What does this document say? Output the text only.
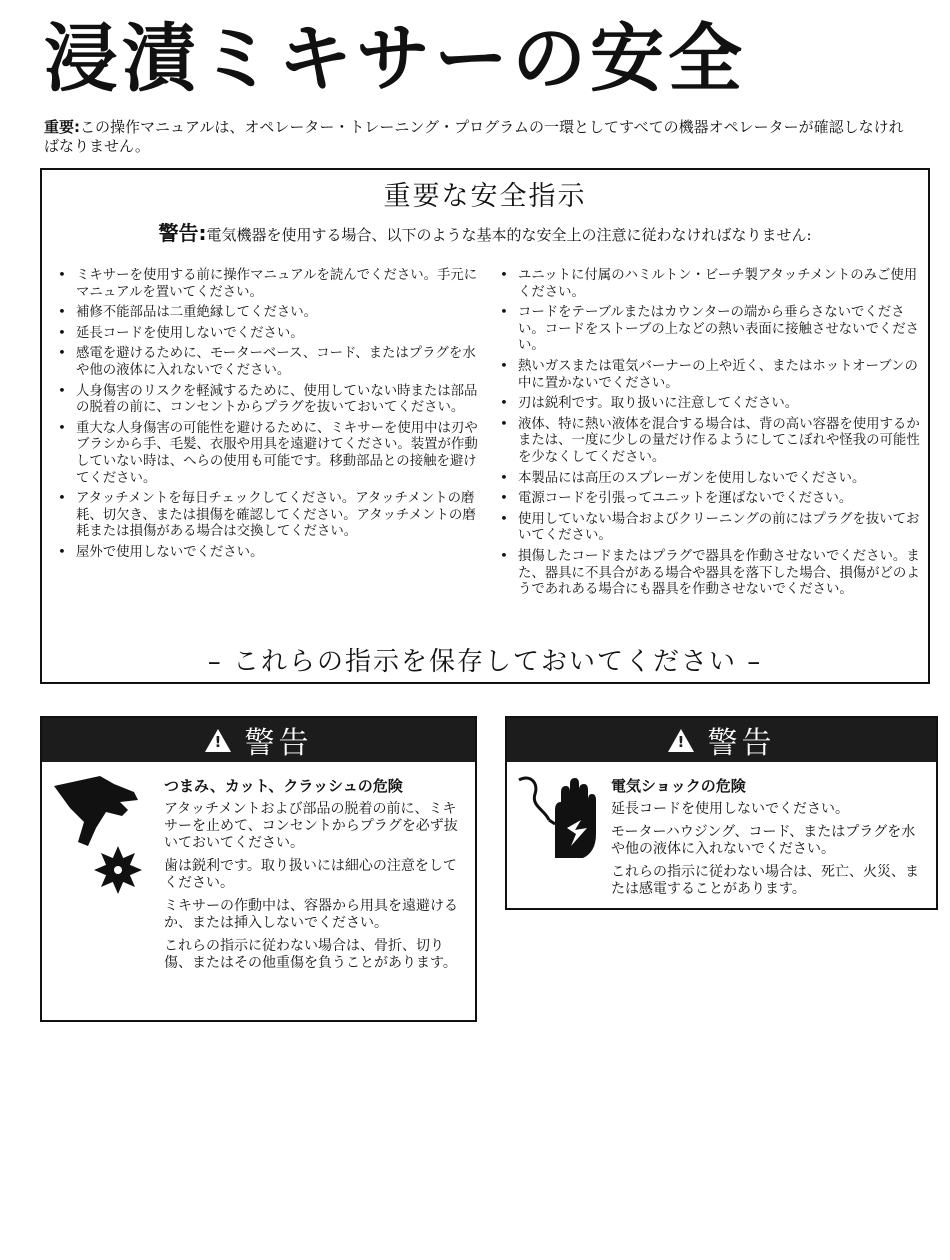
浸漬ミキサーの安全
重要:この操作マニュアルは、オペレーター・トレーニング・プログラムの一環としてすべての機器オペレーターが確認しなければなりません。
重要な安全指示
警告:電気機器を使用する場合、以下のような基本的な安全上の注意に従わなければなりません:
• ミキサーを使用する前に操作マニュアルを読んでください。手元にマニュアルを置いてください。
• 補修不能部品は二重絶縁してください。
• 延長コードを使用しないでください。
• 感電を避けるために、モーターベース、コード、またはプラグを水や他の液体に入れないでください。
• 人身傷害のリスクを軽減するために、使用していない時または部品の脱着の前に、コンセントからプラグを抜いておいてください。
• 重大な人身傷害の可能性を避けるために、ミキサーを使用中は刃やブラシから手、毛髪、衣服や用具を遠避けてください。装置が作動していない時は、へらの使用も可能です。移動部品との接触を避けてください。
• アタッチメントを毎日チェックしてください。アタッチメントの磨耗、切欠き、または損傷を確認してください。アタッチメントの磨耗または損傷がある場合は交換してください。
• 屋外で使用しないでください。
• ユニットに付属のハミルトン・ビーチ製アタッチメントのみご使用ください。
• コードをテーブルまたはカウンターの端から垂らさないでください。コードをストーブの上などの熱い表面に接触させないでください。
• 熱いガスまたは電気バーナーの上や近く、またはホットオーブンの中に置かないでください。
• 刃は鋭利です。取り扱いに注意してください。
• 液体、特に熱い液体を混合する場合は、背の高い容器を使用するかまたは、一度に少しの量だけ作るようにしてこぼれや怪我の可能性を少なくしてください。
• 本製品には高圧のスプレーガンを使用しないでください。
• 電源コードを引張ってユニットを運ばないでください。
• 使用していない場合およびクリーニングの前にはプラグを抜いておいてください。
• 損傷したコードまたはプラグで器具を作動させないでください。また、器具に不具合がある場合や器具を落下した場合、損傷がどのようであれある場合にも器具を作動させないでください。
– これらの指示を保存しておいてください –
! 警告
つまみ、カット、クラッシュの危険

アタッチメントおよび部品の脱着の前に、ミキサーを止めて、コンセントからプラグを必ず抜いておいてください。

歯は鋭利です。取り扱いには細心の注意をしてください。

ミキサーの作動中は、容器から用具を遠避けるか、または挿入しないでください。

これらの指示に従わない場合は、骨折、切り傷、またはその他重傷を負うことがあります。

! 警告
電気ショックの危険

延長コードを使用しないでください。

モーターハウジング、コード、またはプラグを水や他の液体に入れないでください。

これらの指示に従わない場合は、死亡、火災、または感電することがあります。
